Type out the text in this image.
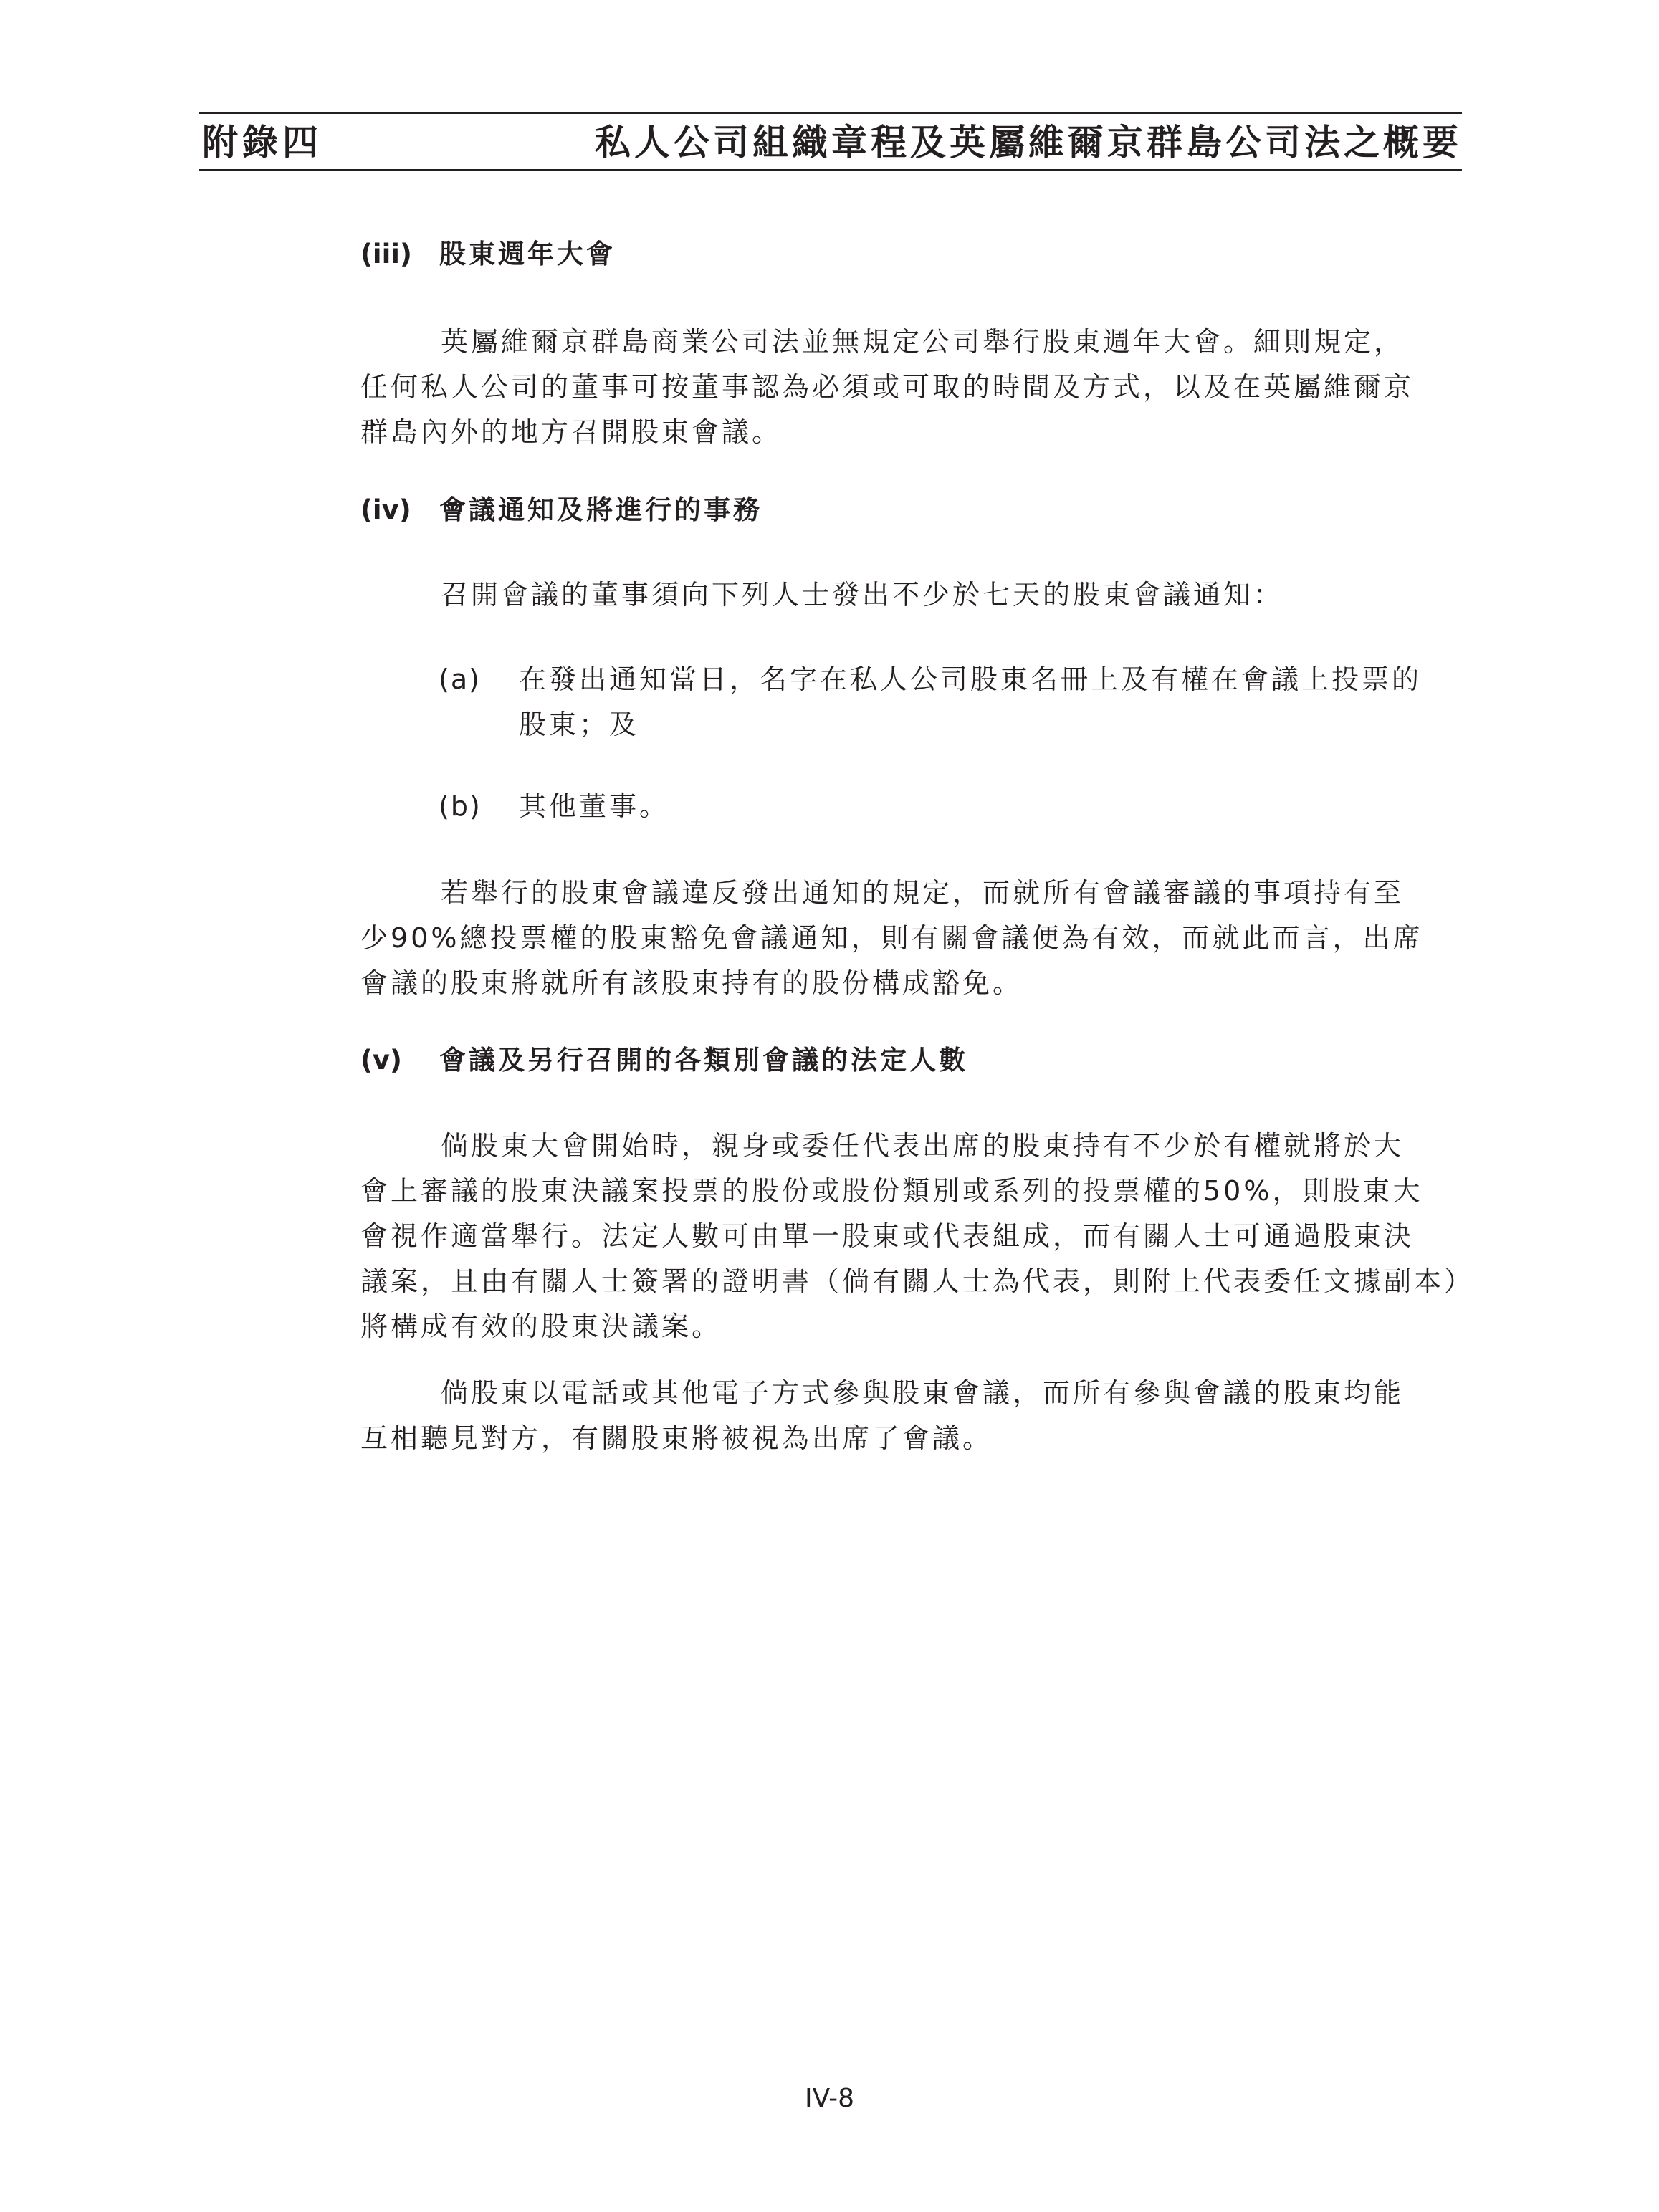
附錄四	私人公司組織章程及英屬維爾京群島公司法之概要
(iii) 股東週年大會
英屬維爾京群島商業公司法並無規定公司舉行股東週年大會。細則規定，
任何私人公司的董事可按董事認為必須或可取的時間及方式，以及在英屬維爾京
群島內外的地方召開股東會議。
(iv) 會議通知及將進行的事務
召開會議的董事須向下列人士發出不少於七天的股東會議通知：
(a) 在發出通知當日，名字在私人公司股東名冊上及有權在會議上投票的
股東；及
(b) 其他董事。
若舉行的股東會議違反發出通知的規定，而就所有會議審議的事項持有至
少90%總投票權的股東豁免會議通知，則有關會議便為有效，而就此而言，出席
會議的股東將就所有該股東持有的股份構成豁免。
(v) 會議及另行召開的各類別會議的法定人數
倘股東大會開始時，親身或委任代表出席的股東持有不少於有權就將於大
會上審議的股東決議案投票的股份或股份類別或系列的投票權的50%，則股東大
會視作適當舉行。法定人數可由單一股東或代表組成，而有關人士可通過股東決
議案，且由有關人士簽署的證明書（倘有關人士為代表，則附上代表委任文據副本）
將構成有效的股東決議案。
倘股東以電話或其他電子方式參與股東會議，而所有參與會議的股東均能
互相聽見對方，有關股東將被視為出席了會議。
IV-8
